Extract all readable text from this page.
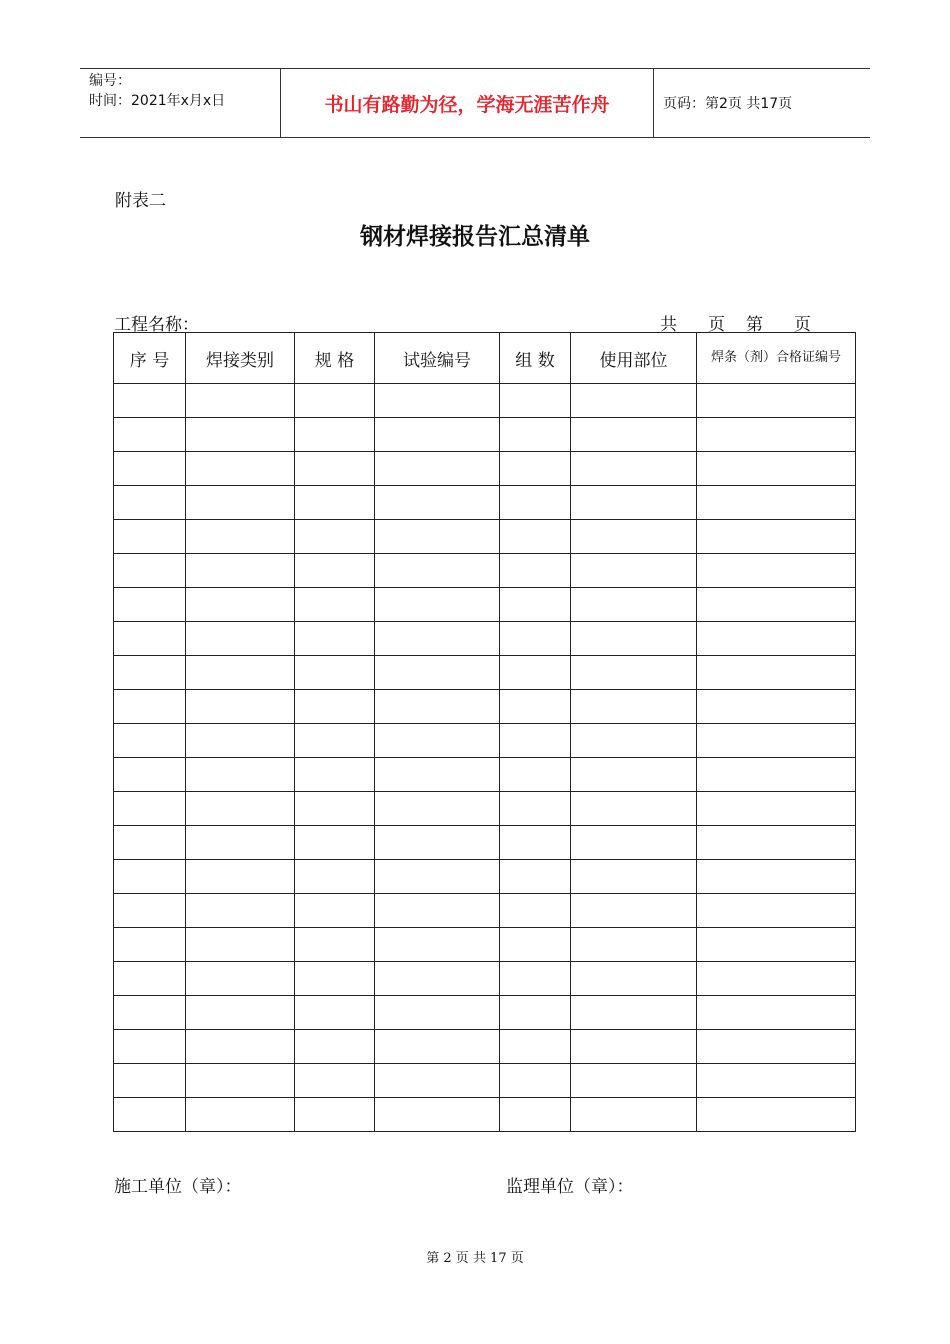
编号：
时间：2021年x月x日	书山有路勤为径，学海无涯苦作舟	页码：第2页 共17页
附表二
钢材焊接报告汇总清单
工程名称：	共	页	第	页
序 号	焊接类别	规 格	试验编号	组 数	使用部位	焊条（剂）合格证编号

施工单位（章）：	监理单位（章）：
第 2 页 共 17 页
